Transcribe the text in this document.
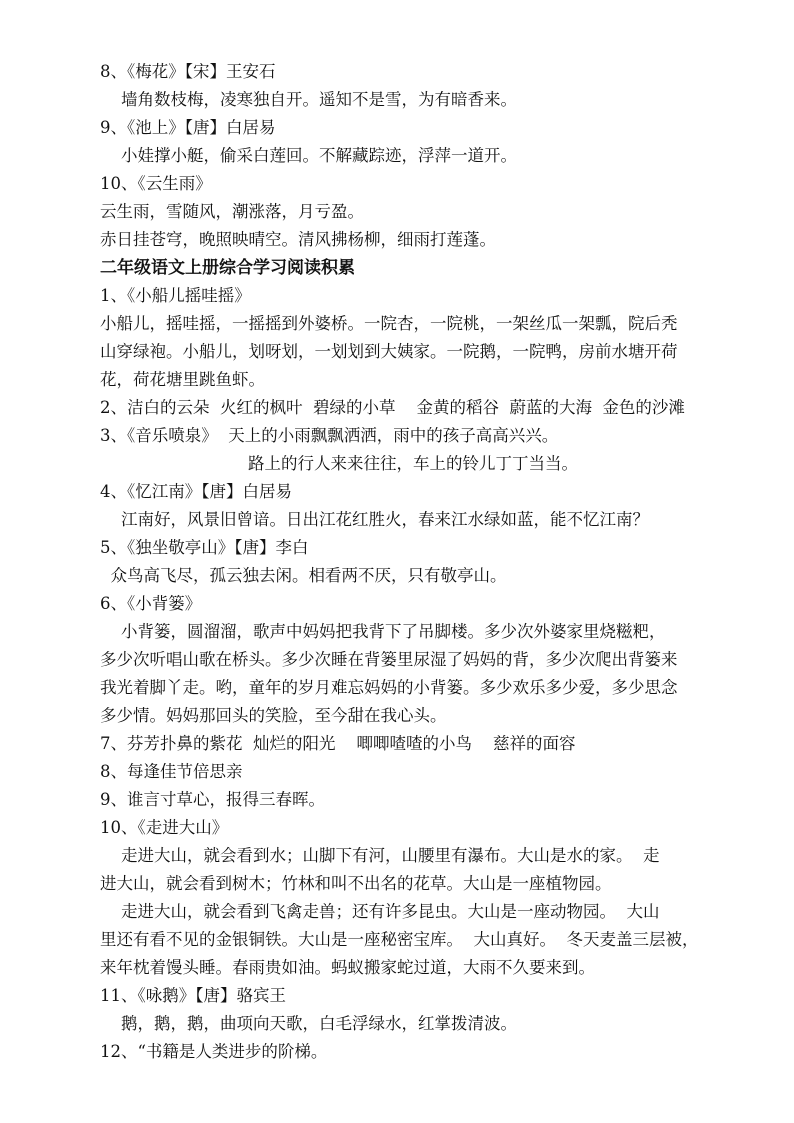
8、《梅花》【宋】王安石
墙角数枝梅，凌寒独自开。遥知不是雪，为有暗香来。
9、《池上》【唐】白居易
小娃撑小艇，偷采白莲回。不解藏踪迹，浮萍一道开。
10、《云生雨》
云生雨，雪随风，潮涨落，月亏盈。
赤日挂苍穹，晚照映晴空。清风拂杨柳，细雨打莲蓬。
二年级语文上册综合学习阅读积累
1、《小船儿摇哇摇》
小船儿，摇哇摇，一摇摇到外婆桥。一院杏，一院桃，一架丝瓜一架瓢，院后秃
山穿绿袍。小船儿，划呀划，一划划到大姨家。一院鹅，一院鸭，房前水塘开荷
花，荷花塘里跳鱼虾。
2、洁白的云朵  火红的枫叶  碧绿的小草    金黄的稻谷  蔚蓝的大海  金色的沙滩
3、《音乐喷泉》  天上的小雨飘飘洒洒，雨中的孩子高高兴兴。
路上的行人来来往往，车上的铃儿丁丁当当。
4、《忆江南》【唐】白居易
江南好，风景旧曾谙。日出江花红胜火，春来江水绿如蓝，能不忆江南？
5、《独坐敬亭山》【唐】李白
众鸟高飞尽，孤云独去闲。相看两不厌，只有敬亭山。
6、《小背篓》
小背篓，圆溜溜，歌声中妈妈把我背下了吊脚楼。多少次外婆家里烧糍粑，
多少次听唱山歌在桥头。多少次睡在背篓里尿湿了妈妈的背，多少次爬出背篓来
我光着脚丫走。哟，童年的岁月难忘妈妈的小背篓。多少欢乐多少爱，多少思念
多少情。妈妈那回头的笑脸，至今甜在我心头。
7、芬芳扑鼻的紫花  灿烂的阳光    唧唧喳喳的小鸟    慈祥的面容
8、每逢佳节倍思亲
9、谁言寸草心，报得三春晖。
10、《走进大山》
走进大山，就会看到水；山脚下有河，山腰里有瀑布。大山是水的家。  走
进大山，就会看到树木；竹林和叫不出名的花草。大山是一座植物园。
走进大山，就会看到飞禽走兽；还有许多昆虫。大山是一座动物园。  大山
里还有看不见的金银铜铁。大山是一座秘密宝库。  大山真好。  冬天麦盖三层被，
来年枕着馒头睡。春雨贵如油。蚂蚁搬家蛇过道，大雨不久要来到。
11、《咏鹅》【唐】骆宾王
鹅，鹅，鹅，曲项向天歌，白毛浮绿水，红掌拨清波。
12、“书籍是人类进步的阶梯。
